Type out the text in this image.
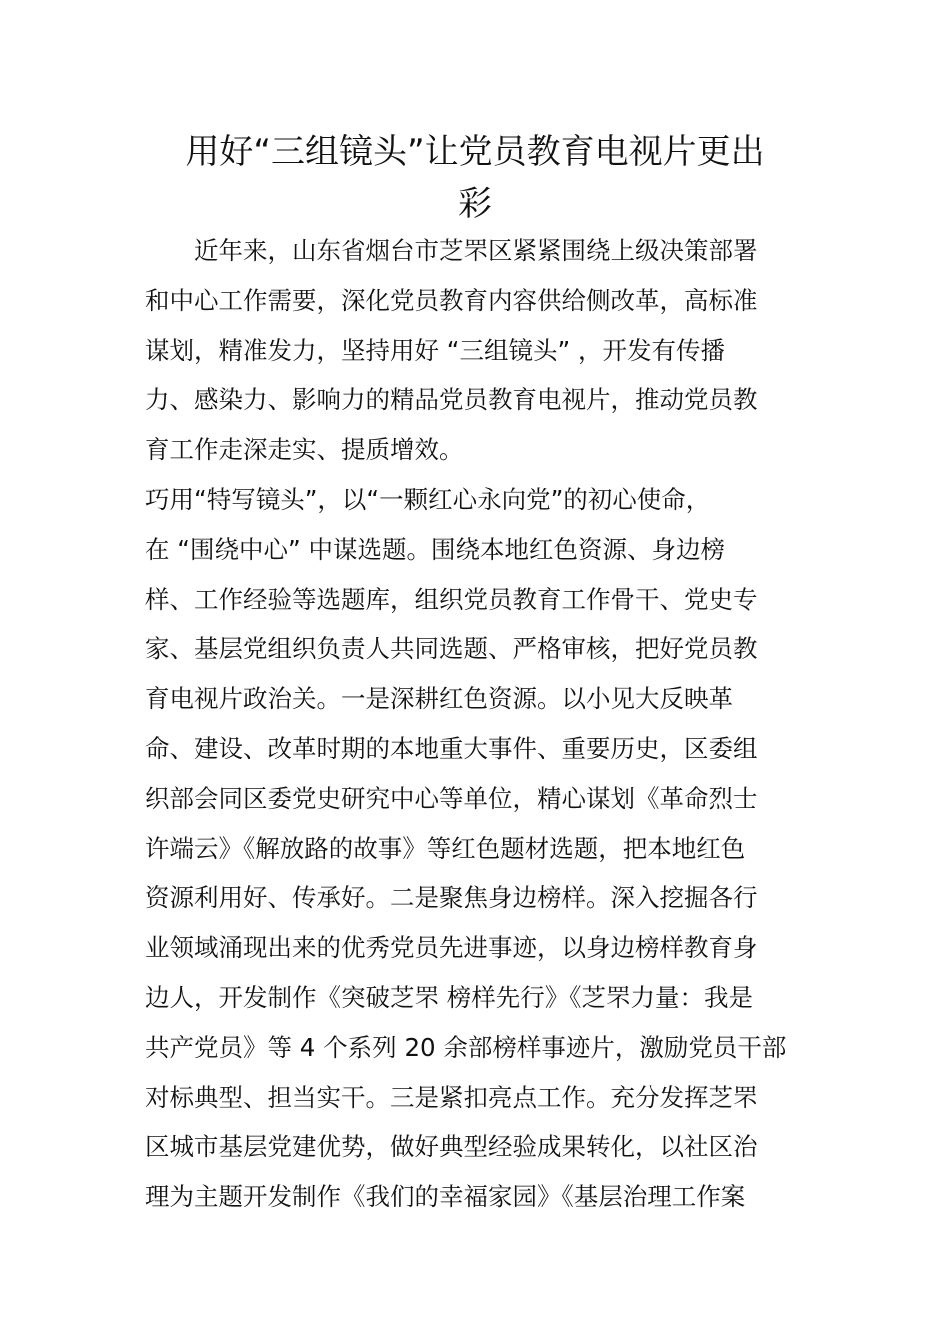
用好“三组镜头”让党员教育电视片更出
彩
　　近年来，山东省烟台市芝罘区紧紧围绕上级决策部署
和中心工作需要，深化党员教育内容供给侧改革，高标准
谋划，精准发力，坚持用好 “三组镜头” ，开发有传播
力、感染力、影响力的精品党员教育电视片，推动党员教
育工作走深走实、提质增效。
巧用“特写镜头”，以“一颗红心永向党”的初心使命，
在 “围绕中心” 中谋选题。围绕本地红色资源、身边榜
样、工作经验等选题库，组织党员教育工作骨干、党史专
家、基层党组织负责人共同选题、严格审核，把好党员教
育电视片政治关。一是深耕红色资源。以小见大反映革
命、建设、改革时期的本地重大事件、重要历史，区委组
织部会同区委党史研究中心等单位，精心谋划《革命烈士
许端云》《解放路的故事》等红色题材选题，把本地红色
资源利用好、传承好。二是聚焦身边榜样。深入挖掘各行
业领域涌现出来的优秀党员先进事迹，以身边榜样教育身
边人，开发制作《突破芝罘 榜样先行》《芝罘力量：我是
共产党员》等 4 个系列 20 余部榜样事迹片，激励党员干部
对标典型、担当实干。三是紧扣亮点工作。充分发挥芝罘
区城市基层党建优势，做好典型经验成果转化，以社区治
理为主题开发制作《我们的幸福家园》《基层治理工作案
